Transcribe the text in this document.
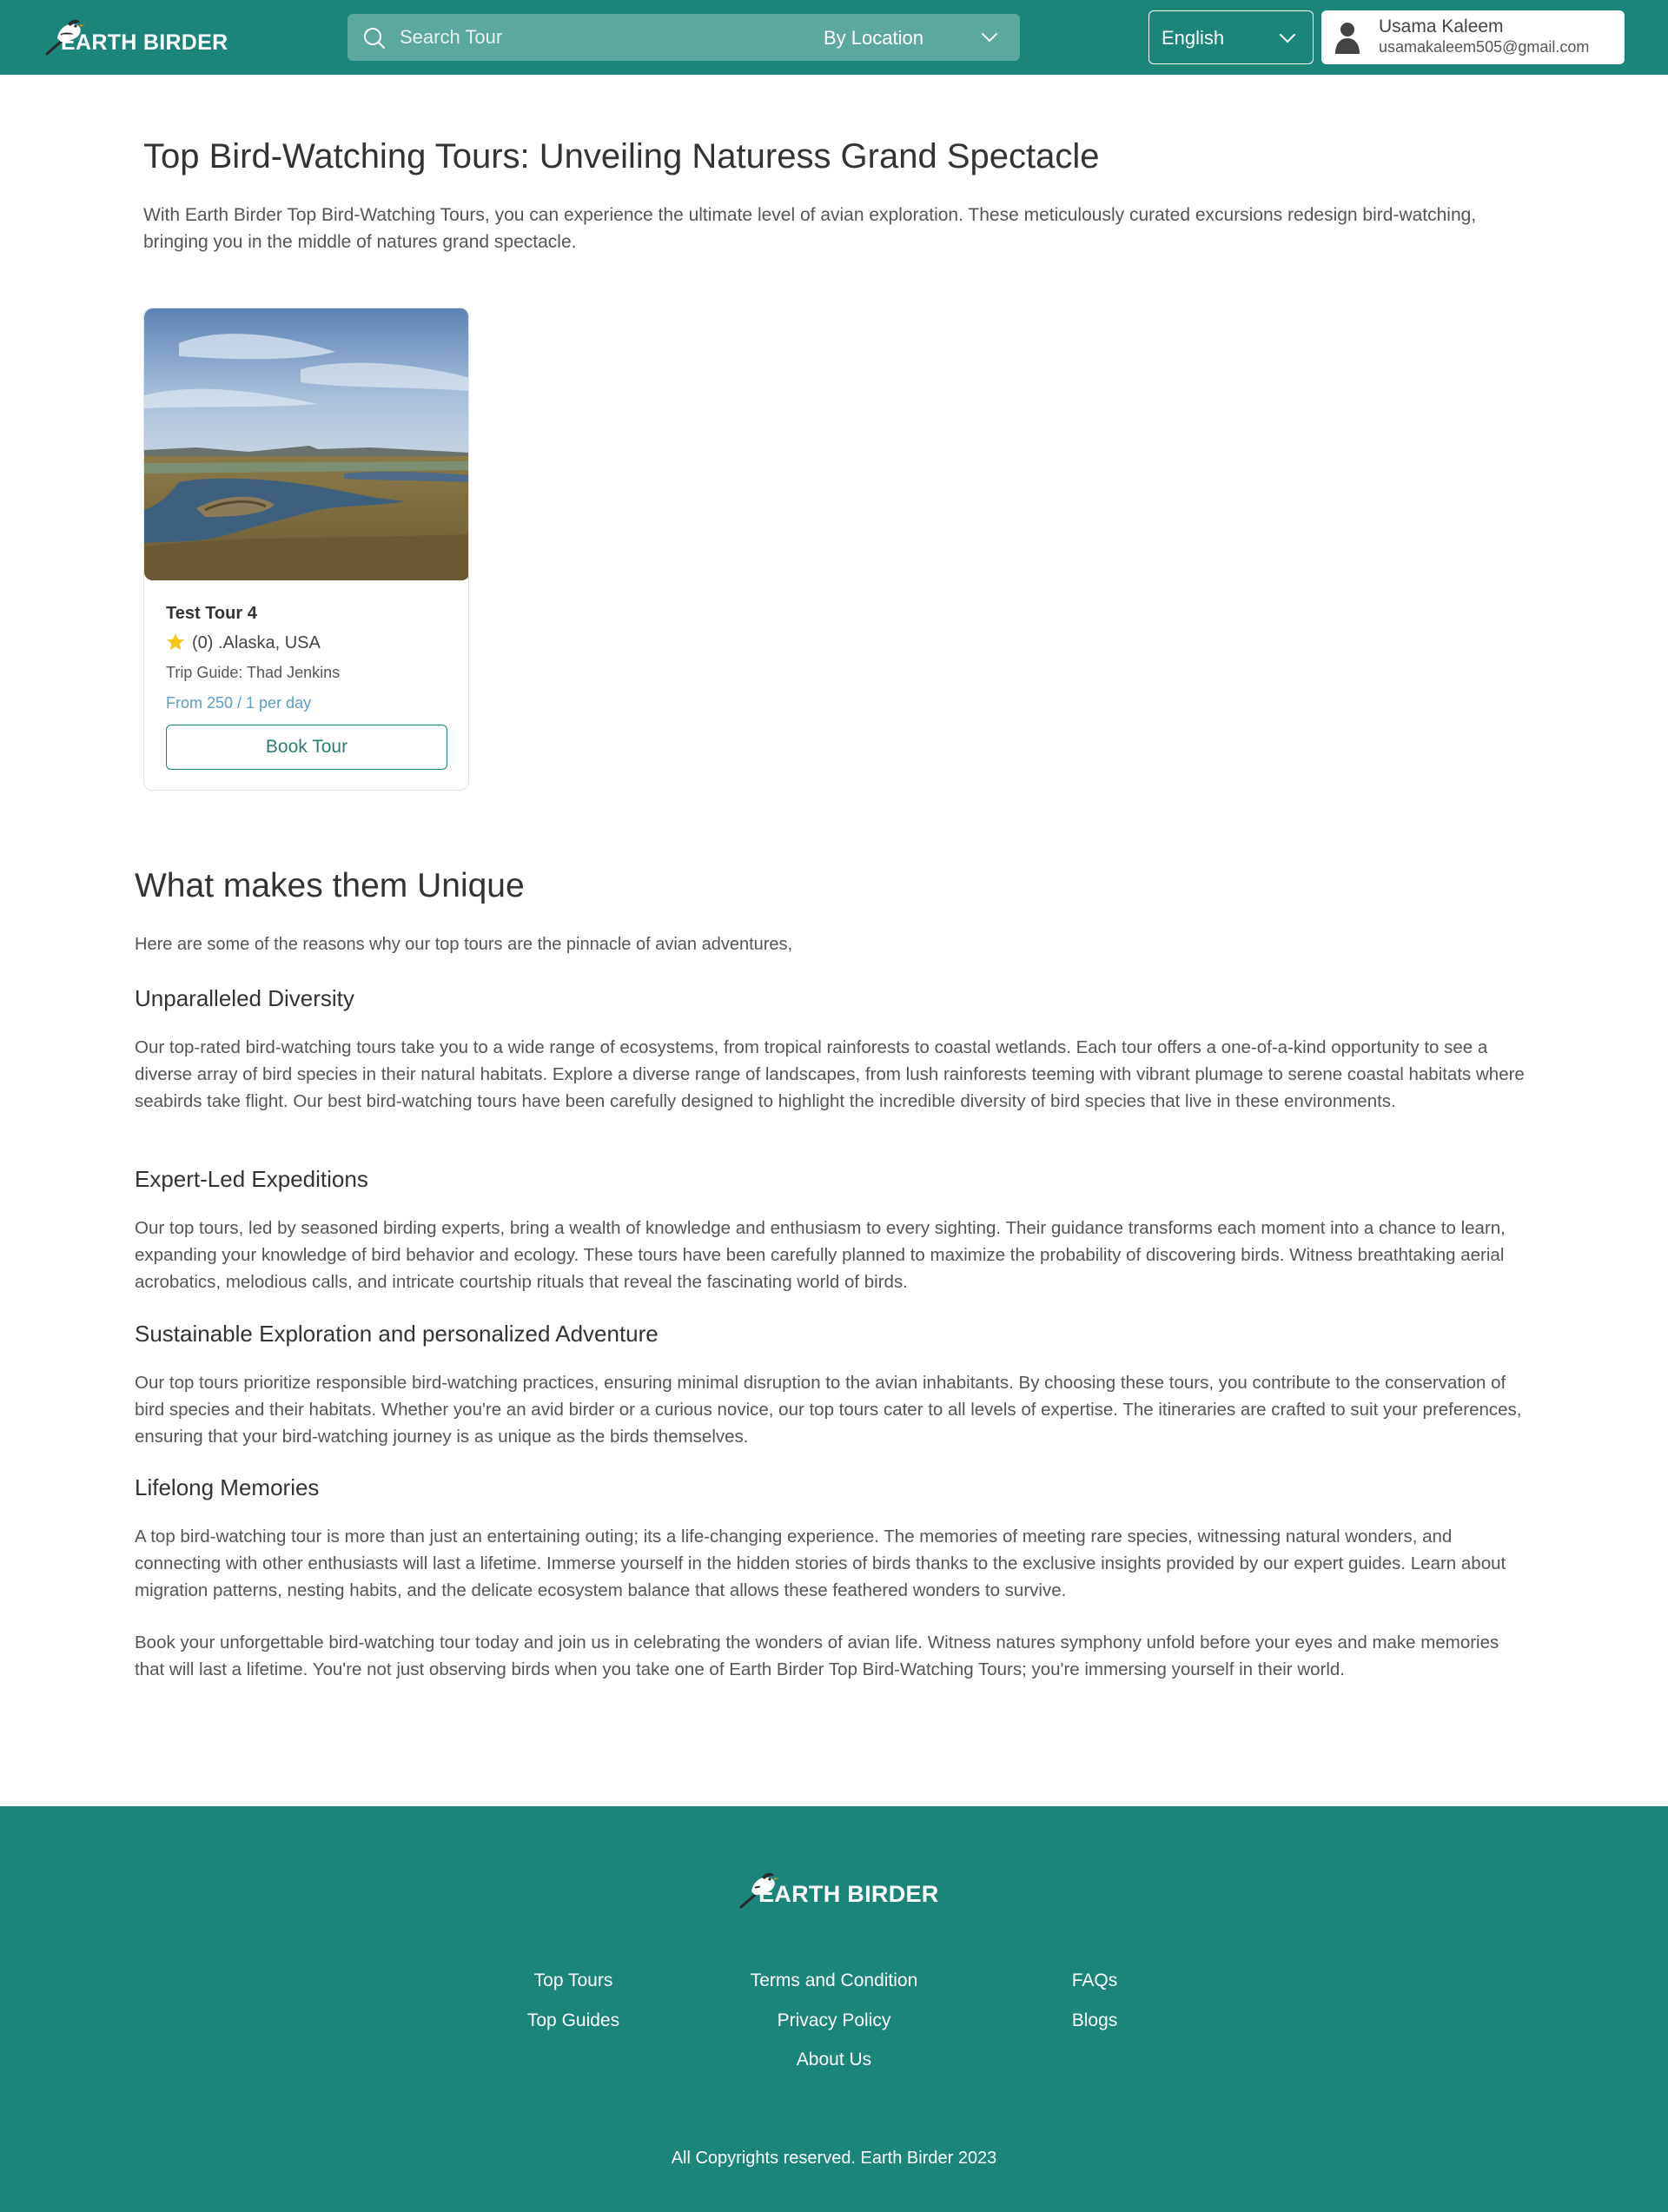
EARTH BIRDER
Search Tour	By Location	English
Usama Kaleem
usamakaleem505@gmail.com
Top Bird-Watching Tours: Unveiling Naturess Grand Spectacle

With Earth Birder Top Bird-Watching Tours, you can experience the ultimate level of avian exploration. These meticulously curated excursions redesign bird-watching, bringing you in the middle of natures grand spectacle.

Test Tour 4
(0) .Alaska, USA
Trip Guide: Thad Jenkins
From 250 / 1 per day
Book Tour
What makes them Unique

Here are some of the reasons why our top tours are the pinnacle of avian adventures,

Unparalleled Diversity

Our top-rated bird-watching tours take you to a wide range of ecosystems, from tropical rainforests to coastal wetlands. Each tour offers a one-of-a-kind opportunity to see a diverse array of bird species in their natural habitats. Explore a diverse range of landscapes, from lush rainforests teeming with vibrant plumage to serene coastal habitats where seabirds take flight. Our best bird-watching tours have been carefully designed to highlight the incredible diversity of bird species that live in these environments.

Expert-Led Expeditions

Our top tours, led by seasoned birding experts, bring a wealth of knowledge and enthusiasm to every sighting. Their guidance transforms each moment into a chance to learn, expanding your knowledge of bird behavior and ecology. These tours have been carefully planned to maximize the probability of discovering birds. Witness breathtaking aerial acrobatics, melodious calls, and intricate courtship rituals that reveal the fascinating world of birds.

Sustainable Exploration and personalized Adventure

Our top tours prioritize responsible bird-watching practices, ensuring minimal disruption to the avian inhabitants. By choosing these tours, you contribute to the conservation of bird species and their habitats. Whether you're an avid birder or a curious novice, our top tours cater to all levels of expertise. The itineraries are crafted to suit your preferences, ensuring that your bird-watching journey is as unique as the birds themselves.

Lifelong Memories

A top bird-watching tour is more than just an entertaining outing; its a life-changing experience. The memories of meeting rare species, witnessing natural wonders, and connecting with other enthusiasts will last a lifetime. Immerse yourself in the hidden stories of birds thanks to the exclusive insights provided by our expert guides. Learn about migration patterns, nesting habits, and the delicate ecosystem balance that allows these feathered wonders to survive.

Book your unforgettable bird-watching tour today and join us in celebrating the wonders of avian life. Witness natures symphony unfold before your eyes and make memories that will last a lifetime. You're not just observing birds when you take one of Earth Birder Top Bird-Watching Tours; you're immersing yourself in their world.

EARTH BIRDER
Top Tours
Top Guides
Terms and Condition
Privacy Policy
About Us
FAQs
Blogs
All Copyrights reserved. Earth Birder 2023
